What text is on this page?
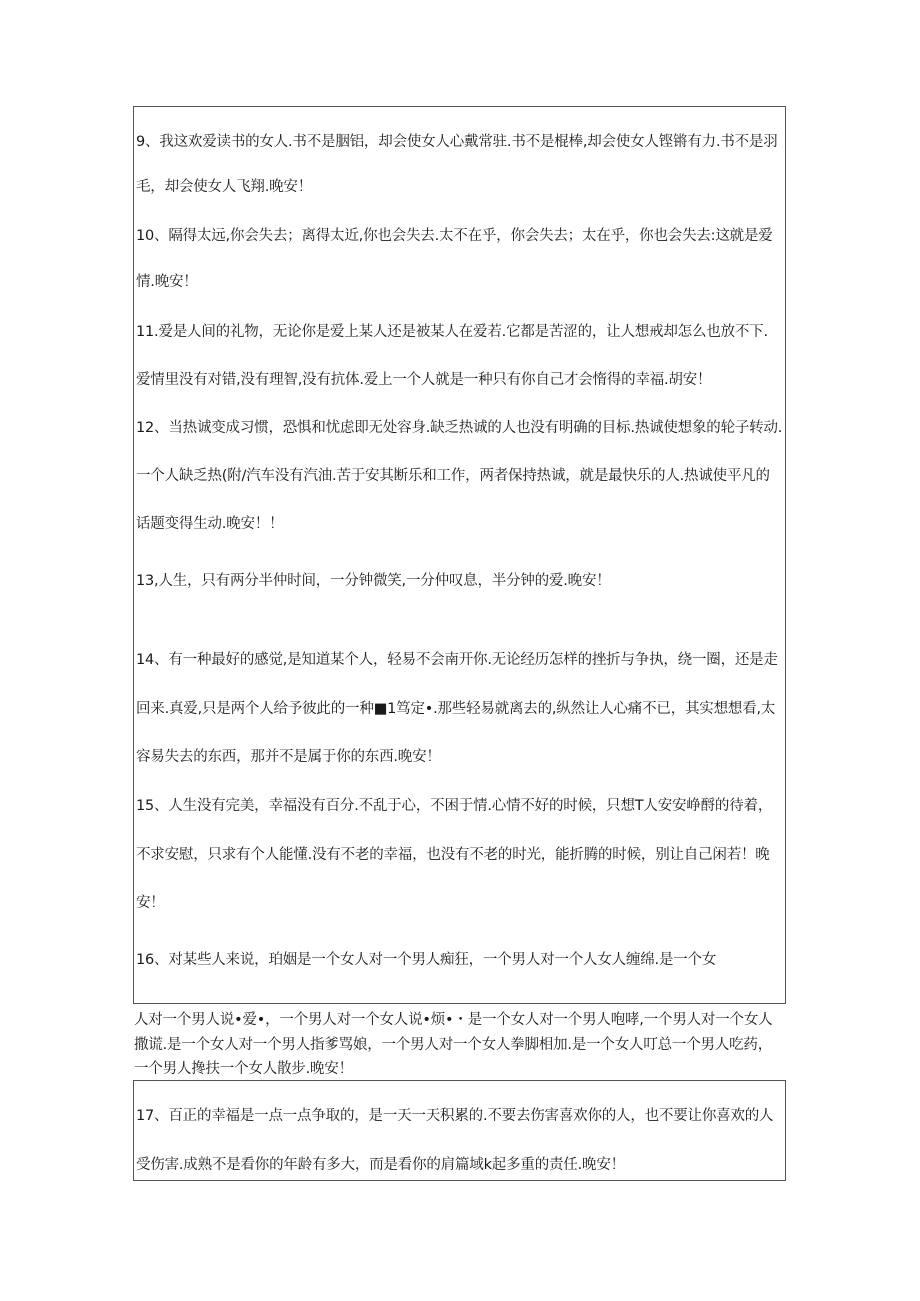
9、我这欢爱读书的女人.书不是胭铝，却会使女人心戴常驻.书不是棍棒,却会使女人铿锵有力.书不是羽
毛，却会使女人飞翔.晚安！
10、隔得太远,你会失去；离得太近,你也会失去.太不在乎，你会失去；太在乎，你也会失去:这就是爱
情.晚安！
11.爱是人间的礼物，无论你是爱上某人还是被某人在爱若.它都是苦涩的，让人想戒却怎么也放不下.
爱情里没有对错,没有理智,没有抗体.爱上一个人就是一种只有你自己才会惰得的幸福.胡安！
12、当热诚变成习惯，恐惧和忧虑即无处容身.缺乏热诚的人也没有明确的目标.热诚使想象的轮子转动.
一个人缺乏热(附/汽车没有汽油.苦于安其断乐和工作，两者保持热诚，就是最快乐的人.热诚使平凡的
话题变得生动.晚安！！
13,人生，只有两分半仲时间，一分钟微笑,一分仲叹息，半分钟的爱.晚安！
14、有一种最好的感觉,是知道某个人，轻易不会南开你.无论经历怎样的挫折与争执，绕一圈，还是走
回来.真爱,只是两个人给予彼此的一种■1笃定•.那些轻易就离去的,纵然让人心痛不已，其实想想看,太
容易失去的东西，那并不是属于你的东西.晚安！
15、人生没有完美，幸福没有百分.不乱于心，不困于情.心情不好的时候，只想T人安安峥酹的待着，
不求安慰，只求有个人能懂.没有不老的幸福，也没有不老的时光，能折腾的时候，别让自己闲若！晚
安！
16、对某些人来说，珀姻是一个女人对一个男人痴狂，一个男人对一个人女人缠绵.是一个女
人对一个男人说•爱•，一个男人对一个女人说•烦•・是一个女人对一个男人咆哮,一个男人对一个女人
撒谎.是一个女人对一个男人指爹骂娘，一个男人对一个女人拳脚相加.是一个女人叮总一个男人吃药，
一个男人搀扶一个女人散步.晚安！
17、百正的幸福是一点一点争取的，是一天一天积累的.不要去伤害喜欢你的人，也不要让你喜欢的人
受伤害.成熟不是看你的年龄有多大，而是看你的肩篇域k起多重的责任.晚安！
